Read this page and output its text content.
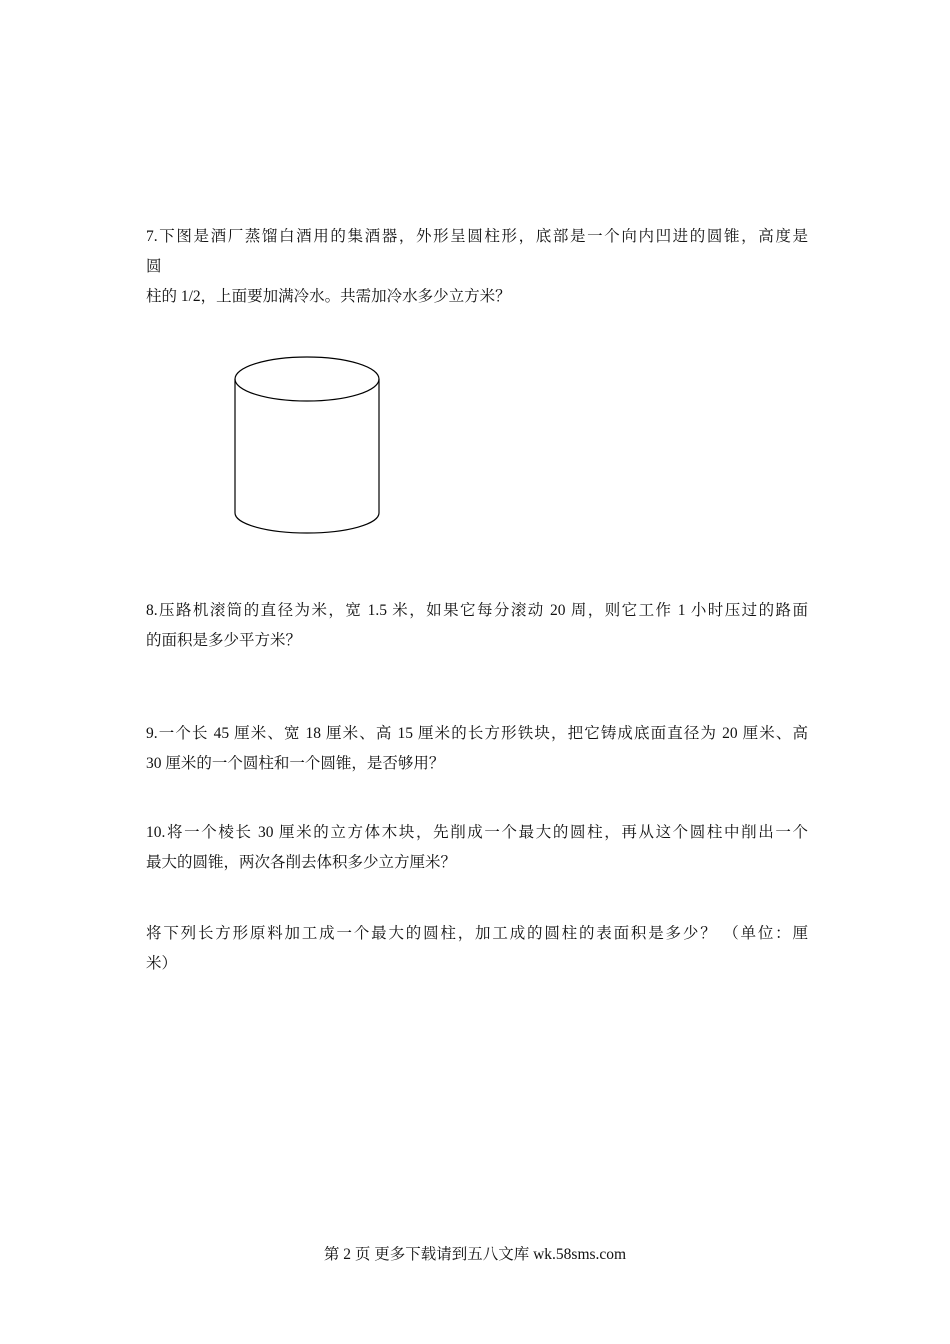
7.下图是酒厂蒸馏白酒用的集酒器，外形呈圆柱形，底部是一个向内凹进的圆锥，高度是
圆
柱的 1/2，上面要加满冷水。共需加冷水多少立方米？
8.压路机滚筒的直径为米，宽 1.5 米，如果它每分滚动 20 周，则它工作 1 小时压过的路面
的面积是多少平方米？
9.一个长 45 厘米、宽 18 厘米、高 15 厘米的长方形铁块，把它铸成底面直径为 20 厘米、高
30 厘米的一个圆柱和一个圆锥，是否够用？
10.将一个棱长 30 厘米的立方体木块，先削成一个最大的圆柱，再从这个圆柱中削出一个
最大的圆锥，两次各削去体积多少立方厘米？
将下列长方形原料加工成一个最大的圆柱，加工成的圆柱的表面积是多少？ （单位：厘
米）
第 2 页 更多下载请到五八文库 wk.58sms.com
